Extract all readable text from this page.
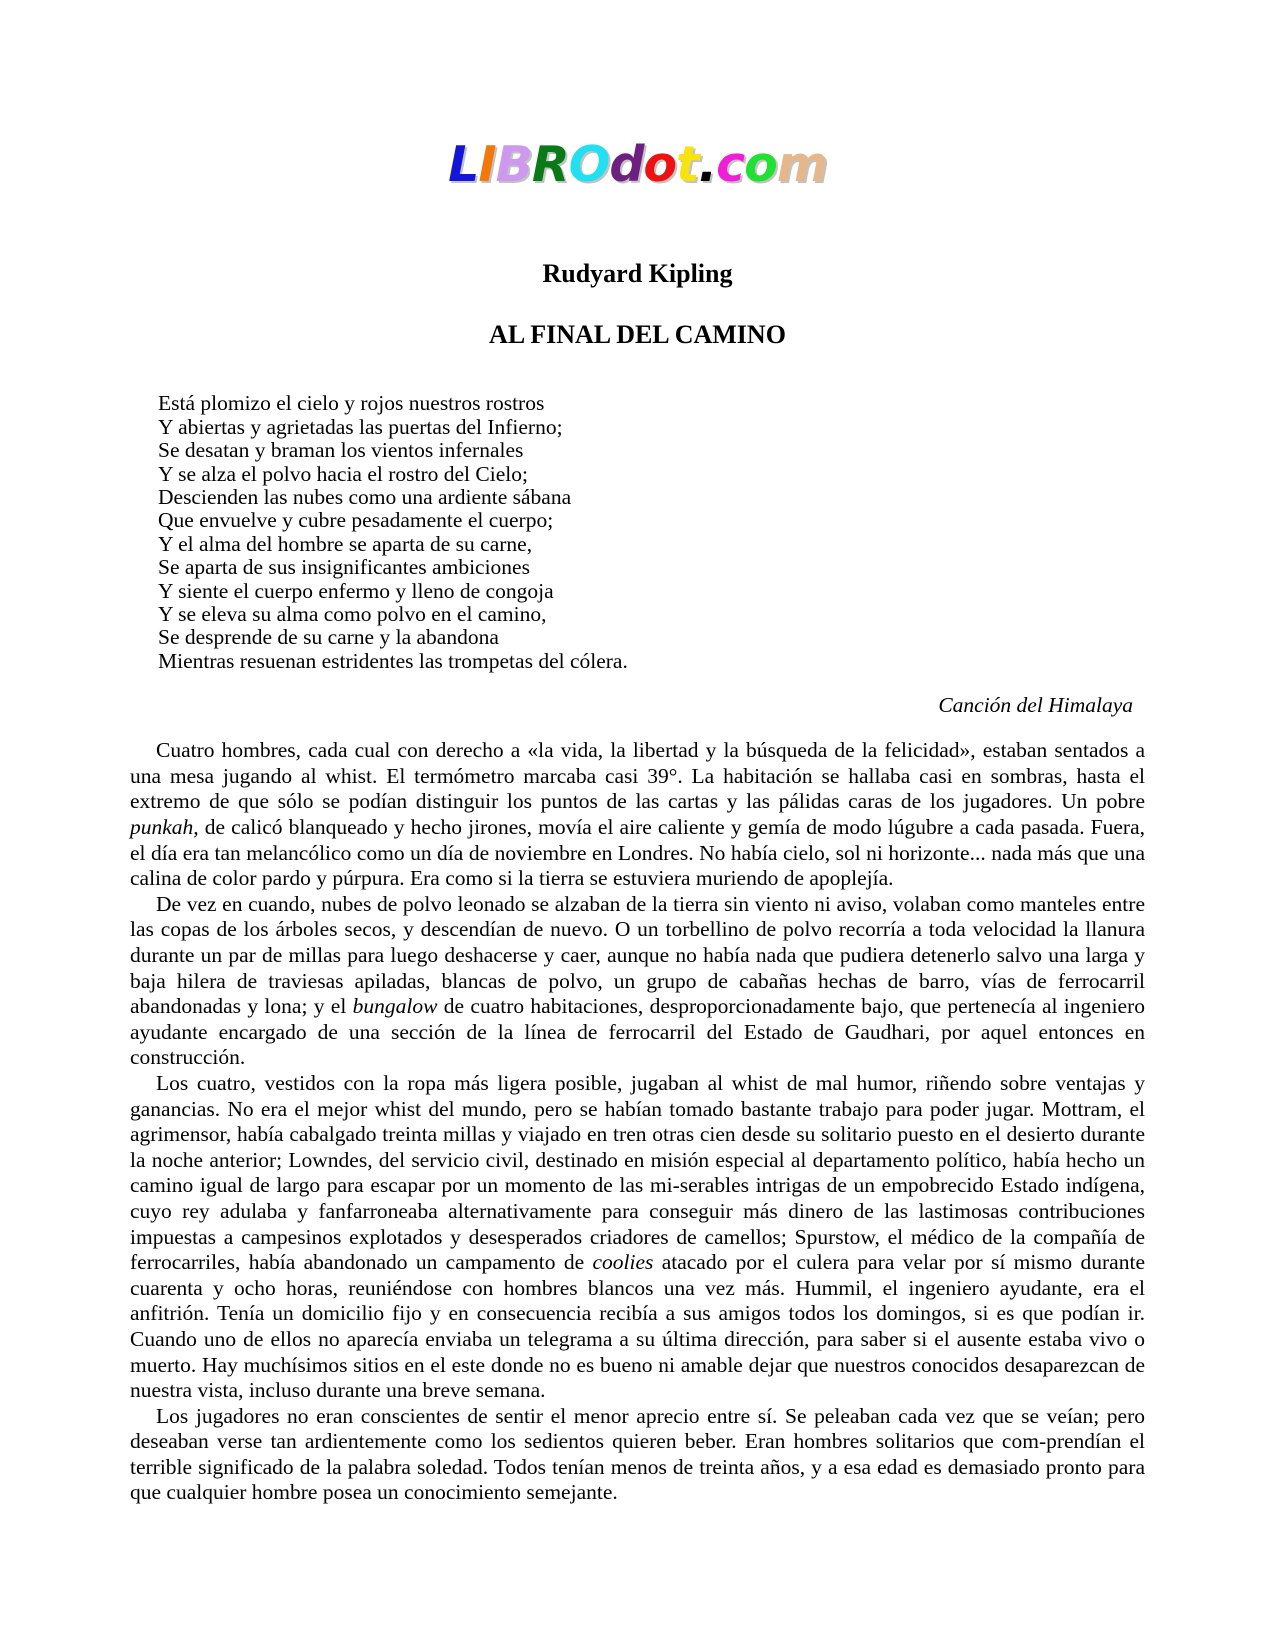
LIBROdot.com
Rudyard Kipling
AL FINAL DEL CAMINO
Está plomizo el cielo y rojos nuestros rostros
Y abiertas y agrietadas las puertas del Infierno;
Se desatan y braman los vientos infernales
Y se alza el polvo hacia el rostro del Cielo;
Descienden las nubes como una ardiente sábana
Que envuelve y cubre pesadamente el cuerpo;
Y el alma del hombre se aparta de su carne,
Se aparta de sus insignificantes ambiciones
Y siente el cuerpo enfermo y lleno de congoja
Y se eleva su alma como polvo en el camino,
Se desprende de su carne y la abandona
Mientras resuenan estridentes las trompetas del cólera.
Canción del Himalaya

Cuatro hombres, cada cual con derecho a «la vida, la libertad y la búsqueda de la felicidad», estaban sentados a una mesa jugando al whist. El termómetro marcaba casi 39°. La habitación se hallaba casi en sombras, hasta el extremo de que sólo se podían distinguir los puntos de las cartas y las pálidas caras de los jugadores. Un pobre punkah, de calicó blanqueado y hecho jirones, movía el aire caliente y gemía de modo lúgubre a cada pasada. Fuera, el día era tan melancólico como un día de noviembre en Londres. No había cielo, sol ni horizonte... nada más que una calina de color pardo y púrpura. Era como si la tierra se estuviera muriendo de apoplejía.

De vez en cuando, nubes de polvo leonado se alzaban de la tierra sin viento ni aviso, volaban como manteles entre las copas de los árboles secos, y descendían de nuevo. O un torbellino de polvo recorría a toda velocidad la llanura durante un par de millas para luego deshacerse y caer, aunque no había nada que pudiera detenerlo salvo una larga y baja hilera de traviesas apiladas, blancas de polvo, un grupo de cabañas hechas de barro, vías de ferrocarril abandonadas y lona; y el bungalow de cuatro habitaciones, desproporcionadamente bajo, que pertenecía al ingeniero ayudante encargado de una sección de la línea de ferrocarril del Estado de Gaudhari, por aquel entonces en construcción.

Los cuatro, vestidos con la ropa más ligera posible, jugaban al whist de mal humor, riñendo sobre ventajas y ganancias. No era el mejor whist del mundo, pero se habían tomado bastante trabajo para poder jugar. Mottram, el agrimensor, había cabalgado treinta millas y viajado en tren otras cien desde su solitario puesto en el desierto durante la noche anterior; Lowndes, del servicio civil, destinado en misión especial al departamento político, había hecho un camino igual de largo para escapar por un momento de las mi-serables intrigas de un empobrecido Estado indígena, cuyo rey adulaba y fanfarroneaba alternativamente para conseguir más dinero de las lastimosas contribuciones impuestas a campesinos explotados y desesperados criadores de camellos; Spurstow, el médico de la compañía de ferrocarriles, había abandonado un campamento de coolies atacado por el culera para velar por sí mismo durante cuarenta y ocho horas, reuniéndose con hombres blancos una vez más. Hummil, el ingeniero ayudante, era el anfitrión. Tenía un domicilio fijo y en consecuencia recibía a sus amigos todos los domingos, si es que podían ir. Cuando uno de ellos no aparecía enviaba un telegrama a su última dirección, para saber si el ausente estaba vivo o muerto. Hay muchísimos sitios en el este donde no es bueno ni amable dejar que nuestros conocidos desaparezcan de nuestra vista, incluso durante una breve semana.

Los jugadores no eran conscientes de sentir el menor aprecio entre sí. Se peleaban cada vez que se veían; pero deseaban verse tan ardientemente como los sedientos quieren beber. Eran hombres solitarios que com-prendían el terrible significado de la palabra soledad. Todos tenían menos de treinta años, y a esa edad es demasiado pronto para que cualquier hombre posea un conocimiento semejante.
